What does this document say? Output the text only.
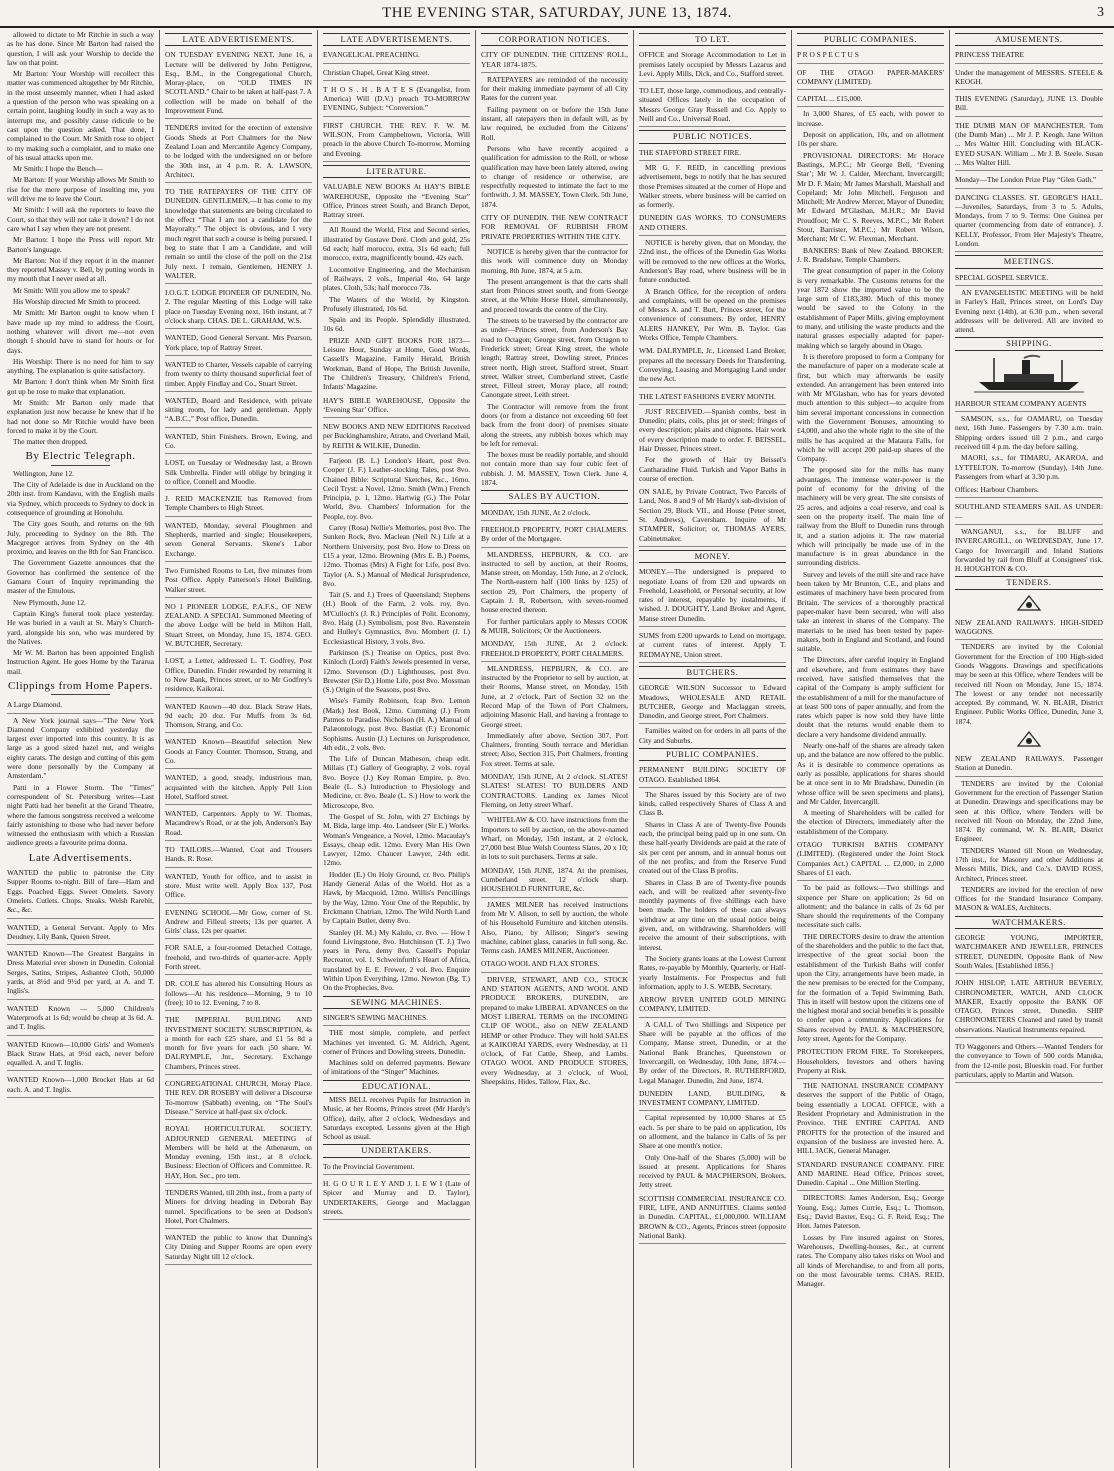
THE EVENING STAR, SATURDAY, JUNE 13, 1874.	3

allowed to dictate to Mr Ritchie in such a way as he has done. Since Mr Barton had raised the question, I will ask your Worship to decide the law on that point.

Mr Barton: Your Worship will recollect this matter was commenced altogether by Mr Ritchie, in the most unseemly manner, when I had asked a question of the person who was speaking on a certain point, laughing loudly in such a way as to interrupt me, and possibly cause ridicule to be cast upon the question asked. That done, I complained to the Court. Mr Smith rose to object to my making such a complaint, and to make one of his usual attacks upon me.

Mr Smith: I hope the Bench—

Mr Barton: If your Worship allows Mr Smith to rise for the mere purpose of insulting me, you will drive me to leave the Court.

Mr Smith: I will ask the reporters to leave the Court, so that they will not take it down? I do not care what I say when they are not present.

Mr Barton: I hope the Press will report Mr Barton's language.

Mr Barton: Not if they report it in the manner they reported Massey v. Bell, by putting words in my mouth that I never used at all.

Mr Smith: Will you allow me to speak?

His Worship directed Mr Smith to proceed.

Mr Smith: Mr Barton ought to know when I have made up my mind to address the Court, nothing whatever will divert me—not even though I should have to stand for hours or for days.

His Worship: There is no need for him to say anything. The explanation is quite satisfactory.

Mr Barton: I don't think when Mr Smith first got up he rose to make that explanation.

Mr Smith: Mr Barton only made that explanation just now because he knew that if he had not done so Mr Ritchie would have been forced to make it by the Court.

The matter then dropped.

By Electric Telegraph.

Wellington, June 12.

The City of Adelaide is due in Auckland on the 20th inst. from Kandavu, with the English mails via Sydney, which proceeds to Sydney to dock in consequence of grounding at Honolulu.

The City goes South, and returns on the 6th July, proceeding to Sydney on the 8th. The Macgregor arrives from Sydney on the 4th proximo, and leaves on the 8th for San Francisco.

The Government Gazette announces that the Governor has confirmed the sentence of the Gamaru Court of Inquiry reprimanding the master of the Emulous.

New Plymouth, June 12.

Captain King's funeral took place yesterday. He was buried in a vault at St. Mary's Church-yard, alongside his son, who was murdered by the Natives.

Mr W. M. Barton has been appointed English Instruction Agent. He goes Home by the Tararua mail.

Clippings from Home Papers.
A Large Diamond.

A New York journal says—"The New York Diamond Company exhibited yesterday the largest ever imported into this country. It is as large as a good sized hazel nut, and weighs eighty carats. The design and cutting of this gem were done personally by the Company at Amsterdam."

Patti in a Flower Storm. The "Times" correspondent of St. Petersburg writes—Last night Patti had her benefit at the Grand Theatre, where the famous songstress received a welcome fairly astonishing to those who had never before witnessed the enthusiasm with which a Russian audience greets a favourite prima donna.

Late Advertisements.
WANTED the public to patronise the City Supper Rooms to-night. Bill of fare—Ham and Eggs. Poached Eggs. Sweet Omelets. Savory Omelets. Cutlets. Chops. Steaks. Welsh Rarebit, &c., &c.
WANTED, a General Servant. Apply to Mrs Deudney, Lily Bank, Queen Street.
WANTED Known—The Greatest Bargains in Dress Material ever shown in Dunedin. Colonial Serges, Satins, Stripes, Ashantee Cloth, 50,000 yards, at 8½d and 9½d per yard, at A. and T. Inglis's.
WANTED Known — 5,000 Children's Waterproofs at 1s 6d; would be cheap at 3s 6d. A. and T. Inglis.
WANTED Known—10,000 Girls' and Women's Black Straw Hats, at 9½d each, never before equalled. A. and T. Inglis.
WANTED Known—1,000 Brocket Hats at 6d each. A. and T. Inglis.
LATE ADVERTISEMENTS.
ON TUESDAY EVENING NEXT, June 16, a Lecture will be delivered by John Pettigrew, Esq., B.M., in the Congregational Church, Moray-place, on “OLD TIMES IN SCOTLAND.” Chair to be taken at half-past 7. A collection will be made on behalf of the Improvement Fund.
TENDERS invited for the erection of extensive Goods Sheds at Port Chalmers for the New Zealand Loan and Mercantile Agency Company, to be lodged with the undersigned on or before the 30th inst, at 4 p.m. R. A. LAWSON, Architect.
TO THE RATEPAYERS OF THE CITY OF DUNEDIN. GENTLEMEN,—It has come to my knowledge that statements are being circulated to the effect “That I am not a candidate for the Mayoralty.” The object is obvious, and I very much regret that such a course is being pursued. I beg to state that I am a Candidate, and will remain so until the close of the poll on the 21st July next. I remain, Gentlemen, HENRY J. WALTER.
I.O.G.T. LODGE PIONEER OF DUNEDIN, No. 2. The regular Meeting of this Lodge will take place on Tuesday Evening next, 16th instant, at 7 o'clock sharp. CHAS. DE L. GRAHAM, W.S.
WANTED, Good General Servant. Mrs Pearson, York place, top of Rattray Street.
WANTED to Charter, Vessels capable of carrying from twenty to thirty thousand superficial feet of timber. Apply Findlay and Co., Stuart Street.
WANTED, Board and Residence, with private sitting room, for lady and gentleman. Apply “A.B.C.,” Post office, Dunedin.
WANTED, Shirt Finishers. Brown, Ewing, and Co.
LOST, on Tuesday or Wednesday last, a Brown Silk Umbrella. Finder will oblige by bringing it to office, Connell and Moodie.
J. REID MACKENZIE has Removed from Temple Chambers to High Street.
WANTED, Monday, several Ploughmen and Shepherds, married and single; Housekeepers, seven General Servants. Skene's Labor Exchange.
Two Furnished Rooms to Let, five minutes from Post Office. Apply Patterson's Hotel Building, Walker street.
NO 1 PIONEER LODGE, P.A.F.S., OF NEW ZEALAND. A SPECIAL Summoned Meeting of the above Lodge will be held in Milton Hall, Stuart Street, on Monday, June 15, 1874. GEO. W. BUTCHER, Secretary.
LOST, a Letter, addressed L. T. Godfrey, Post Office, Dunedin. Finder rewarded by returning it to New Bank, Princes street, or to Mr Godfrey's residence, Kaikorai.
WANTED Known—40 doz. Black Straw Hats, 9d each; 20 doz. Fur Muffs from 3s 6d. Thomson, Strang, and Co.
WANTED Known—Beautiful selection New Goods at Fancy Counter. Thomson, Strang, and Co.
WANTED, a good, steady, industrious man, acquainted with the kitchen. Apply Pell Lion Hotel, Stafford street.
WANTED, Carpenters. Apply to W. Thomas, Macandrew's Road, or at the job, Anderson's Bay Road.
TO TAILORS.—Wanted, Coat and Trousers Hands. R. Rose.
WANTED, Youth for office, and to assist in store. Must write well. Apply Box 137, Post Office.
EVENING SCHOOL—Mr Gow, corner of St. Andrew and Filleul streets; 13s per quarter. A Girls' class, 12s per quarter.
FOR SALE, a four-roomed Detached Cottage, freehold, and two-thirds of quarter-acre. Apply Forth street.
DR. COLE has altered his Consulting Hours as follows—At his residence—Morning, 9 to 10 (free); 10 to 12. Evening, 7 to 8.
THE IMPERIAL BUILDING AND INVESTMENT SOCIETY. SUBSCRIPTION, 4s a month for each £25 share, and £1 5s 8d a month for five years for each ¡50 share. W. DALRYMPLE, Jnr., Secretary. Exchange Chambers, Princes street.
CONGREGATIONAL CHURCH, Moray Place. THE REV. DR ROSEBY will deliver a Discourse To-morrow (Sabbath) evening, on “The Soul's Disease.” Service at half-past six o'clock.
ROYAL HORTICULTURAL SOCIETY. ADJOURNED GENERAL MEETING of Members will be held at the Athenæum, on Monday evening, 15th inst., at 8 o'clock. Business: Election of Officers and Committee. R. HAY, Hon. Sec., pro tem.
TENDERS Wanted, till 20th inst., from a party of Miners for driving heading in Deborah Bay tunnel. Specifications to be seen at Dodson's Hotel, Port Chalmers.
WANTED the public to know that Dunning's City Dining and Supper Rooms are open every Saturday Night till 12 o'clock.
LATE ADVERTISEMENTS.
EVANGELICAL PREACHING.
Christian Chapel, Great King street.
T H O S . H . B A T E S (Evangelist, from America) Will (D.V.) preach TO-MORROW EVENING, Subject: “Conversion.”
FIRST CHURCH. THE REV. F. W. M. WILSON, From Campbeltown, Victoria, Will preach in the above Church To-morrow, Morning and Evening.
LITERATURE.
VALUABLE NEW BOOKS At HAY'S BIBLE WAREHOUSE, Opposite the “Evening Star” Office, Princes street South, and Branch Depot, Rattray street.

All Round the World, First and Second series, illustrated by Gustave Doré. Cloth and gold, 25s 6d each; half morocco, extra, 31s 6d each; full morocco, extra, magnificently bound, 42s each.

Locomotive Engineering, and the Mechanism of Railways, 2 vols., Imperial 4to, 64 large plates. Cloth, 53s; half morocco 73s.

The Waters of the World, by Kingston. Profusely illustrated, 10s 6d.

Spain and its People. Splendidly illustrated, 10s 6d.

PRIZE AND GIFT BOOKS FOR 1873—Leisure Hour, Sunday at Home, Good Words, Cassell's Magazine, Family Herald, British Workman, Band of Hope, The British Juvenile, The Children's Treasury, Children's Friend, Infants' Magazine.

HAY'S BIBLE WAREHOUSE, Opposite the ‘Evening Star’ Office.
NEW BOOKS AND NEW EDITIONS Received per Buckinghamshire, Atrato, and Overland Mail, by REITH & WILKIE, Dunedin.

Farjeon (B. L.) London's Heart, post 8vo. Cooper (J. F.) Leather-stocking Tales, post 8vo. Chained Bible: Scriptural Sketches, &c., 16mo. Cecil Tryst: a Novel, 12mo. Smith (Wm.) French Principia, p. 1, 12mo. Hartwig (G.) The Polar World, 8vo. Chambers' Information for the People, roy. 8vo.

Carey (Rosa) Nellie's Memories, post 8vo. The Sunken Rock, 8vo. Maclean (Neil N.) Life at a Northern University, post 8vo. How to Dress on £15 a year, 12mo. Browning (Mrs E. B.) Poems, 12mo. Thomas (Mrs) A Fight for Life, post 8vo. Taylor (A. S.) Manual of Medical Jurisprudence, 8vo.

Tait (S. and J.) Trees of Queensland; Stephens (H.) Book of the Farm, 2 vols. roy. 8vo. M'Culloch's (J. R.) Principles of Polit. Economy, 8vo. Haig (J.) Symbolism, post 8vo. Ravenstein and Hulley's Gymnastics, 8vo. Mombert (J. I.) Ecclesiastical History, 3 vols. 8vo.

Parkinson (S.) Treatise on Optics, post 8vo. Kinloch (Lord) Faith's Jewels presented in verse, 12mo. Stevenson (D.) Lighthouses, post 8vo. Brewster (Sir D.) Home Life, post 8vo. Mossman (S.) Origin of the Seasons, post 8vo.

Wise's Family Robinson, fcap 8vo. Lemon (Mark) Jest Book, 12mo. Cumming (J.) From Patmos to Paradise. Nicholson (H. A.) Manual of Palæontology, post 8vo. Bastiat (F.) Economic Sophisms. Austin (J.) Lectures on Jurisprudence, 4th edit., 2 vols. 8vo.

The Life of Duncan Matheson, cheap edit. Millais (T.) Gallery of Geography, 2 vols. royal 8vo. Boyce (J.) Key Roman Empire, p. 8vo. Beale (L. S.) Introduction to Physiology and Medicine, cr. 8vo. Beale (L. S.) How to work the Microscope, 8vo.

The Gospel of St. John, with 27 Etchings by M. Bida, large imp. 4to. Landseer (Sir E.) Works. Woman's Vengeance, a Novel, 12mo. Macaulay's Essays, cheap edit. 12mo. Every Man His Own Lawyer, 12mo. Chaucer Lawyer, 24th edit. 12mo.

Hodder (E.) On Holy Ground, cr. 8vo. Philip's Handy General Atlas of the World. Hot as a Hawk, by Macquoid, 12mo. Willis's Pencillings by the Way, 12mo. Your One of the Republic, by Erckmann Chatrian, 12mo. The Wild North Land by Captain Butler, demy 8vo.

Stanley (H. M.) My Kalulu, cr. 8vo. — How I found Livingstone, 8vo. Hutchinson (T. J.) Two years in Peru, demy 8vo. Cassell's Popular Recreator, vol. 1. Schweinfurth's Heart of Africa, translated by E. E. Frewer, 2 vol. 8vo. Enquire Within Upon Everything, 12mo. Newton (Bg. T.) On the Prophecies, 8vo.

SEWING MACHINES.
SINGER'S SEWING MACHINES.

THE most simple, complete, and perfect Machines yet invented. G. M. Aldrich, Agent, corner of Princes and Dowling streets, Dunedin.

Machines sold on deferred payments. Beware of imitations of the “Singer” Machines.

EDUCATIONAL.

MISS BELL receives Pupils for Instruction in Music, at her Rooms, Princes street (Mr Hardy's Office), daily, after 2 o'clock, Wednesdays and Saturdays excepted. Lessons given at the High School as usual.

UNDERTAKERS.
To the Provincial Government.
H. G O U R L E Y AND J. L E W I (Late of Spicer and Murray and D. Taylor), UNDERTAKERS, George and Maclaggan streets.
CORPORATION NOTICES.
CITY OF DUNEDIN. THE CITIZENS' ROLL, YEAR 1874-1875.

RATEPAYERS are reminded of the necessity for their making immediate payment of all City Rates for the current year.

Failing payment on or before the 15th June instant, all ratepayers then in default will, as by law required, be excluded from the Citizens' Roll.

Persons who have recently acquired a qualification for admission to the Roll, or whose qualification may have been lately altered, owing to change of residence or otherwise, are respectfully requested to intimate the fact to me forthwith. J. M. MASSEY, Town Clerk. 5th June, 1874.

CITY OF DUNEDIN. THE NEW CONTRACT FOR REMOVAL OF RUBBISH FROM PRIVATE PROPERTIES WITHIN THE CITY.

NOTICE is hereby given that the contractor for this work will commence duty on Monday morning, 8th June, 1874, at 5 a.m.

The present arrangement is that the carts shall start from Princes street south, and from George street, at the White Horse Hotel, simultaneously, and proceed towards the centre of the City.

The streets to be traversed by the contractor are as under—Princes street, from Anderson's Bay road to Octagon; George street, from Octagon to Frederick street; Great King street, the whole length; Rattray street, Dowling street, Princes street north, High street, Stafford street, Stuart street, Walker street, Cumberland street, Castle street, Filleul street, Moray place, all round; Canongate street, Leith street.

The Contractor will remove from the front doors (or from a distance not exceeding 60 feet back from the front door) of premises situate along the streets, any rubbish boxes which may be left for removal.

The boxes must be readily portable, and should not contain more than say four cubic feet of rubbish. J. M. MASSEY, Town Clerk. June 4, 1874.

SALES BY AUCTION.
MONDAY, 15th JUNE, At 2 o'clock.
FREEHOLD PROPERTY, PORT CHALMERS. By order of the Mortgagee.

MLANDRESS, HEPBURN, & CO. are instructed to sell by auction, at their Rooms, Manse street, on Monday, 15th June, at 2 o'clock, The North-eastern half (100 links by 125) of section 29, Port Chalmers, the property of Captain J. R. Robertson, with seven-roomed house erected thereon.

For further particulars apply to Messrs COOK & MUIR, Solicitors; Or the Auctioneers.

MONDAY, 15th JUNE, At 2 o'clock. FREEHOLD PROPERTY, PORT CHALMERS.

MLANDRESS, HEPBURN, & CO. are instructed by the Proprietor to sell by auction, at their Rooms, Manse street, on Monday, 15th June, at 2 o'clock, Part of Section 32 on the Record Map of the Town of Port Chalmers, adjoining Masonic Hall, and having a frontage to George street.

Immediately after above, Section 307, Port Chalmers, fronting South terrace and Meridian street; Also, Section 315, Port Chalmers, fronting Fox street. Terms at sale.

MONDAY, 15th JUNE, At 2 o'clock. SLATES! SLATES! SLATES! TO BUILDERS AND CONTRACTORS. Landing ex James Nicol Fleming, on Jetty street Wharf.

WHITELAW & CO. have instructions from the Importers to sell by auction, on the above-named Wharf, on Monday, 15th instant, at 2 o'clock, 27,000 best Blue Welsh Countess Slates, 20 x 10; in lots to suit purchasers. Terms at sale.

MONDAY, 15th JUNE, 1874. At the premises, Cumberland street. 12 o'clock sharp. HOUSEHOLD FURNITURE, &c.

JAMES MILNER has received instructions from Mr V. Alison, to sell by auction, the whole of his Household Furniture and kitchen utensils. Also, Piano, by Allison; Singer's sewing machine, cabinet glass, canaries in full song, &c. Terms cash. JAMES MILNER, Auctioneer.

OTAGO WOOL AND FLAX STORES.

DRIVER, STEWART, AND CO., STOCK AND STATION AGENTS, AND WOOL AND PRODUCE BROKERS, DUNEDIN, are prepared to make LIBERAL ADVANCES on the MOST LIBERAL TERMS on the INCOMING CLIP OF WOOL, also on NEW ZEALAND HEMP or other Produce. They will hold SALES at KAIKORAI YARDS, every Wednesday, at 11 o'clock, of Fat Cattle, Sheep, and Lambs. OTAGO WOOL AND PRODUCE STORES, every Wednesday, at 3 o'clock, of Wool, Sheepskins, Hides, Tallow, Flax, &c.

TO LET.
OFFICE and Storage Accommodation to Let in premises lately occupied by Messrs Lazarus and Levi. Apply Mills, Dick, and Co., Stafford street.
TO LET, those large, commodious, and centrally-situated Offices lately in the occupation of Messrs George Gray Russell and Co. Apply to Neill and Co., Universal Road.
PUBLIC NOTICES.
THE STAFFORD STREET FIRE.

MR G. F. REID, in cancelling previous advertisement, begs to notify that he has secured those Premises situated at the corner of Hope and Walker streets, where business will be carried on as formerly.

DUNEDIN GAS WORKS. TO CONSUMERS AND OTHERS.

NOTICE is hereby given, that on Monday, the 22nd inst., the offices of the Dunedin Gas Works will be removed to the new offices at the Works, Anderson's Bay road, where business will be in future conducted.

A Branch Office, for the reception of orders and complaints, will be opened on the premises of Messrs A. and T. Burt, Princes street, for the convenience of consumers. By order, HENRY ALERS HANKEY, Per Wm. B. Taylor. Gas Works Office, Temple Chambers.

WM. DALRYMPLE, Jr., Licensed Land Broker, prepares all the necessary Deeds for Transferring, Conveying, Leasing and Mortgaging Land under the new Act.
THE LATEST FASHIONS EVERY MONTH.

JUST RECEIVED.—Spanish combs, best in Dunedin; plaits, coils, plus jet or steel; fringes of every description; plaits and chignons. Hair work of every description made to order. F. BEISSEL, Hair Dresser, Princes street.

For the growth of Hair try Beissel's Cantharadine Fluid. Turkish and Vapor Baths in course of erection.

ON SALE, by Private Contract, Two Parcels of Land, Nos. 8 and 9 of Mr Hardy's sub-division of Section 29, Block VII., and House (Peter street, St. Andrews), Caversham. Inquire of Mr STAMPER, Solicitor; or, THOMAS AYERS, Cabinetmaker.
MONEY.
MONEY.—The undersigned is prepared to negotiate Loans of from £20 and upwards on Freehold, Leasehold, or Personal security, at low rates of interest, repayable by instalments, if wished. J. DOUGHTY, Land Broker and Agent, Manse street Dunedin.
SUMS from £200 upwards to Lend on mortgage, at current rates of interest. Apply T. REDMAYNE, Union street.
BUTCHERS.
GEORGE WILSON Successor to Edward Meadows, WHOLESALE AND RETAIL BUTCHER, George and Maclaggan streets, Dunedin, and George street, Port Chalmers.

Families waited on for orders in all parts of the City and Suburbs.

PUBLIC COMPANIES.
PERMANENT BUILDING SOCIETY OF OTAGO. Established 1864.

The Shares issued by this Society are of two kinds, called respectively Shares of Class A and Class B.

Shares in Class A are of Twenty-five Pounds each, the principal being paid up in one sum. On these half-yearly Dividends are paid at the rate of six per cent per annum, and in annual bonus out of the net profits, and from the Reserve Fund created out of the Class B profits.

Shares in Class B are of Twenty-five pounds each, and will be realized after seventy-five monthly payments of five shillings each have been made. The holders of these can always withdraw at any time on the usual notice being given, and, on withdrawing, Shareholders will receive the amount of their subscriptions, with interest.

The Society grants loans at the Lowest Current Rates, re-payable by Monthly, Quarterly, or Half-yearly Instalments. For Prospectus and full information, apply to J. S. WEBB, Secretary.

ARROW RIVER UNITED GOLD MINING COMPANY, LIMITED.

A CALL of Two Shillings and Sixpence per Share will be payable at the offices of the Company, Manse street, Dunedin, or at the National Bank Branches, Queenstown or Invercargill, on Wednesday, 10th June, 1874.—By order of the Directors, R. RUTHERFORD, Legal Manager. Dunedin, 2nd June, 1874.

DUNEDIN LAND, BUILDING, & INVESTMENT COMPANY, LIMITED.

Capital represented by 10,000 Shares at £5 each. 5s per share to be paid on application, 10s on allotment, and the balance in Calls of 5s per Share at one month's notice.

Only One-half of the Shares (5,000) will be issued at present. Applications for Shares received by PAUL & MACPHERSON, Brokers, Jetty street.

SCOTTISH COMMERCIAL INSURANCE CO. FIRE, LIFE, AND ANNUITIES. Claims settled in Dunedin. CAPITAL, £1,000,000. WILLIAM BROWN & CO., Agents, Princes street (opposite National Bank).
PUBLIC COMPANIES.
P R O S P E C T U S
OF THE OTAGO PAPER-MAKERS' COMPANY (LIMITED).
CAPITAL ... £15,000.

In 3,000 Shares, of £5 each, with power to increase.

Deposit on application, 10s, and on allotment 10s per share.

PROVISIONAL DIRECTORS: Mr Horace Bastings, M.P.C.; Mr George Bell, ‘Evening Star’; Mr W. J. Calder, Merchant, Invercargill; Mr D. F. Main; Mr James Marshall, Marshall and Copeland; Mr John Mitchell, Ferguson and Mitchell; Mr Andrew Mercer, Mayor of Dunedin; Mr Edward M'Glashan, M.H.R.; Mr David Proudfoot; Mr C. S. Reeves, M.P.C.; Mr Robert Stout, Barrister, M.P.C.; Mr Robert Wilson, Merchant; Mr C. W. Flexman, Merchant.

BANKERS: Bank of New Zealand. BROKER: J. R. Bradshaw, Temple Chambers.

The great consumption of paper in the Colony is very remarkable. The Customs returns for the year 1872 show the imported value to be the large sum of £183,380. Much of this money would be saved to the Colony in the establishment of Paper Mills, giving employment to many, and utilising the waste products and the natural grasses especially adapted for paper-making which so largely abound in Otago.

It is therefore proposed to form a Company for the manufacture of paper on a moderate scale at first, but which may afterwards be easily extended. An arrangement has been entered into with Mr M'Glashan, who has for years devoted much attention to this subject—to acquire from him several important concessions in connection with the Government Bonuses, amounting to £4,000, and also the whole right to the site of the mills he has acquired at the Mataura Falls, for which he will accept 200 paid-up shares of the Company.

The proposed site for the mills has many advantages. The immense water-power is the point of economy for the driving of the machinery will be very great. The site consists of 25 acres, and adjoins a coal reserve, and coal is seen on the property itself. The main line of railway from the Bluff to Dunedin runs through it, and a station adjoins it. The raw material which will principally be made use of in the manufacture is in great abundance in the surrounding districts.

Survey and levels of the mill site and race have been taken by Mr Brunton, C.E., and plans and estimates of machinery have been procured from Britain. The services of a thoroughly practical paper-maker have been secured, who will also take an interest in shares of the Company. The materials to be used has been tested by paper-makers, both in England and Scotland, and found suitable.

The Directors, after careful inquiry in England and elsewhere, and from estimates they have received, have satisfied themselves that the capital of the Company is amply sufficient for the establishment of a mill for the manufacture of at least 500 tons of paper annually, and from the rates which paper is now sold they have little doubt that the returns would enable them to declare a very handsome dividend annually.

Nearly one-half of the shares are already taken up, and the balance are now offered to the public. As it is desirable to commence operations as early as possible, applications for shares should be at once sent in to Mr Bradshaw, Dunedin (in whose office will be seen specimens and plans), and Mr Calder, Invercargill.

A meeting of Shareholders will be called for the election of Directors, immediately after the establishment of the Company.

OTAGO TURKISH BATHS COMPANY (LIMITED). (Registered under the Joint Stock Companies Act.) CAPITAL ... £2,000, in 2,000 Shares of £1 each.

To be paid as follows:—Two shillings and sixpence per Share on application; 2s 6d on allotment; and the balance in calls of 2s 6d per Share should the requirements of the Company necessitate such calls.

THE DIRECTORS desire to draw the attention of the shareholders and the public to the fact that, irrespective of the great social boon the establishment of the Turkish Baths will confer upon the City, arrangements have been made, in the new premises to be erected for the Company, for the formation of a Tepid Swimming Bath. This in itself will bestow upon the citizens one of the highest moral and social benefits it is possible to confer upon a community. Applications for Shares received by PAUL & MACPHERSON, Jetty street, Agents for the Company.

PROTECTION FROM FIRE. To Storekeepers, Householders, Investors and others having Property at Risk.

THE NATIONAL INSURANCE COMPANY deserves the support of the Public of Otago, being essentially a LOCAL OFFICE, with a Resident Proprietary and Administration in the Province. THE ENTIRE CAPITAL AND PROFITS for the protection of the insured and expansion of the business are invested here. A. HILL JACK, General Manager.

STANDARD INSURANCE COMPANY. FIRE AND MARINE. Head Office, Princes street, Dunedin. Capital ... One Million Sterling.

DIRECTORS: James Anderson, Esq.; George Young, Esq.; James Currie, Esq.; L. Thomson, Esq.; David Baxter, Esq.; G. F. Reid, Esq.; The Hon. James Paterson.

Losses by Fire insured against on Stores, Warehouses, Dwelling-houses, &c., at current rates. The Company also takes risks on Wool and all kinds of Merchandise, to and from all ports, on the most favourable terms. CHAS. REID, Manager.

AMUSEMENTS.
PRINCESS THEATRE
Under the management of MESSRS. STEELE & KEOGH.
THIS EVENING (Saturday), JUNE 13. Double Bill.
THE DUMB MAN OF MANCHESTER. Tom (the Dumb Man) ... Mr J. P. Keogh. Jane Wilton ... Mrs Walter Hill. Concluding with BLACK-EYED SUSAN. William ... Mr J. B. Steele. Susan ... Mrs Walter Hill.
Monday—The London Prize Play “Glen Gath.”
DANCING CLASSES. ST. GEORGE'S HALL.—Juveniles, Saturdays, from 3 to 5. Adults, Mondays, from 7 to 9. Terms: One Guinea per quarter (commencing from date of entrance). J. KELLY, Professor, From Her Majesty's Theatre, London.
MEETINGS.
SPECIAL GOSPEL SERVICE.

AN EVANGELISTIC MEETING will be held in Farley's Hall, Princes street, on Lord's Day Evening next (14th), at 6.30 p.m., when several addresses will be delivered. All are invited to attend.

SHIPPING.
HARBOUR STEAM COMPANY AGENTS

SAMSON, s.s., for OAMARU, on Tuesday next, 16th June. Passengers by 7.30 a.m. train. Shipping orders issued till 2 p.m., and cargo received till 4 p.m. the day before sailing.

MAORI, s.s., for TIMARU, AKAROA, and LYTTELTON, To-morrow (Sunday), 14th June. Passengers from wharf at 3.30 p.m.

Offices: Harbour Chambers.
SOUTHLAND STEAMERS SAIL AS UNDER:—

WANGANUI, s.s., for BLUFF and INVERCARGILL, on WEDNESDAY, June 17. Cargo for Invercargill and Inland Stations forwarded by rail from Bluff at Consignees' risk. H. HOUGHTON & CO.

TENDERS.
NEW ZEALAND RAILWAYS. HIGH-SIDED WAGGONS.

TENDERS are invited by the Colonial Government for the Erection of 100 High-sided Goods Waggons. Drawings and specifications may be seen at this Office, where Tenders will be received till Noon on Monday, June 15, 1874. The lowest or any tender not necessarily accepted. By command, W. N. BLAIR, District Engineer. Public Works Office, Dunedin, June 3, 1874.

NEW ZEALAND RAILWAYS. Passenger Station at Dunedin.

TENDERS are invited by the Colonial Government for the erection of Passenger Station at Dunedin. Drawings and specifications may be seen at this Office, where Tenders will be received till Noon on Monday, the 22nd June, 1874. By command, W. N. BLAIR, District Engineer.

TENDERS Wanted till Noon on Wednesday, 17th inst., for Masonry and other Additions at Messrs Mills, Dick, and Co.'s. DAVID ROSS, Architect, Princes street.

TENDERS are invited for the erection of new Offices for the Standard Insurance Company. MASON & WALES, Architects.

WATCHMAKERS.
GEORGE YOUNG, IMPORTER, WATCHMAKER AND JEWELLER, PRINCES STREET, DUNEDIN, Opposite Bank of New South Wales. [Established 1856.]
JOHN HISLOP, LATE ARTHUR BEVERLY, CHRONOMETER, WATCH, AND CLOCK MAKER, Exactly opposite the BANK OF OTAGO, Princes street, Dunedin. SHIP CHRONOMETERS Cleaned and rated by transit observations. Nautical Instruments repaired.
TO Waggoners and Others.—Wanted Tenders for the conveyance to Town of 500 cords Manuka, from the 12-mile post, Blueskin road. For further particulars, apply to Martin and Watson.
